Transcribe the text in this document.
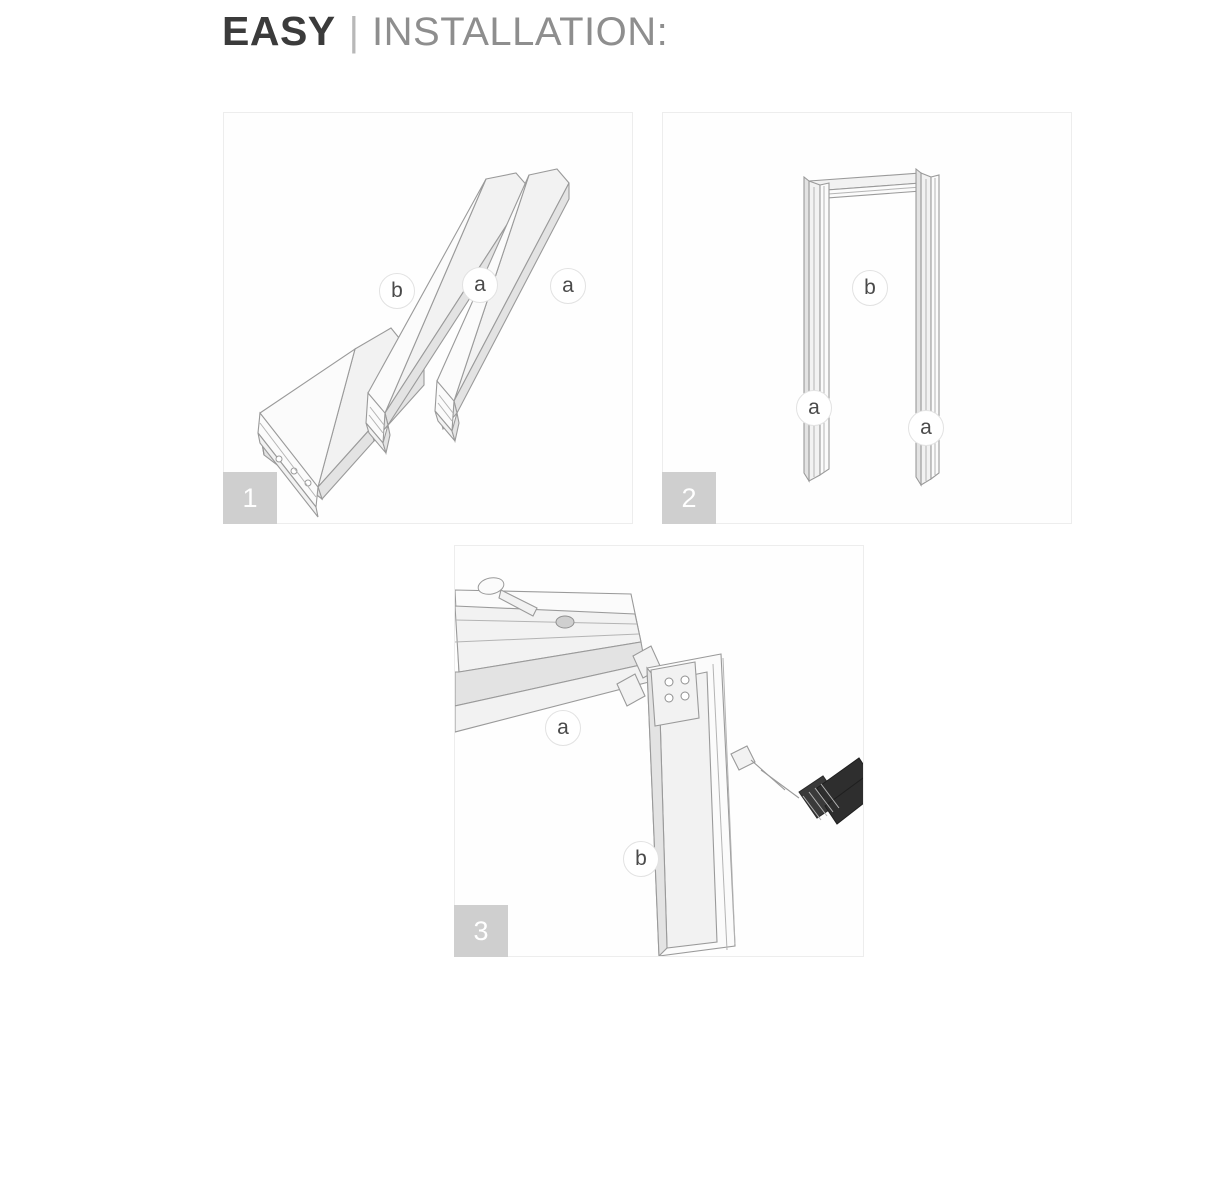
EASY | INSTALLATION:
b	a	a
1
b
a
a
2
a
b
3
